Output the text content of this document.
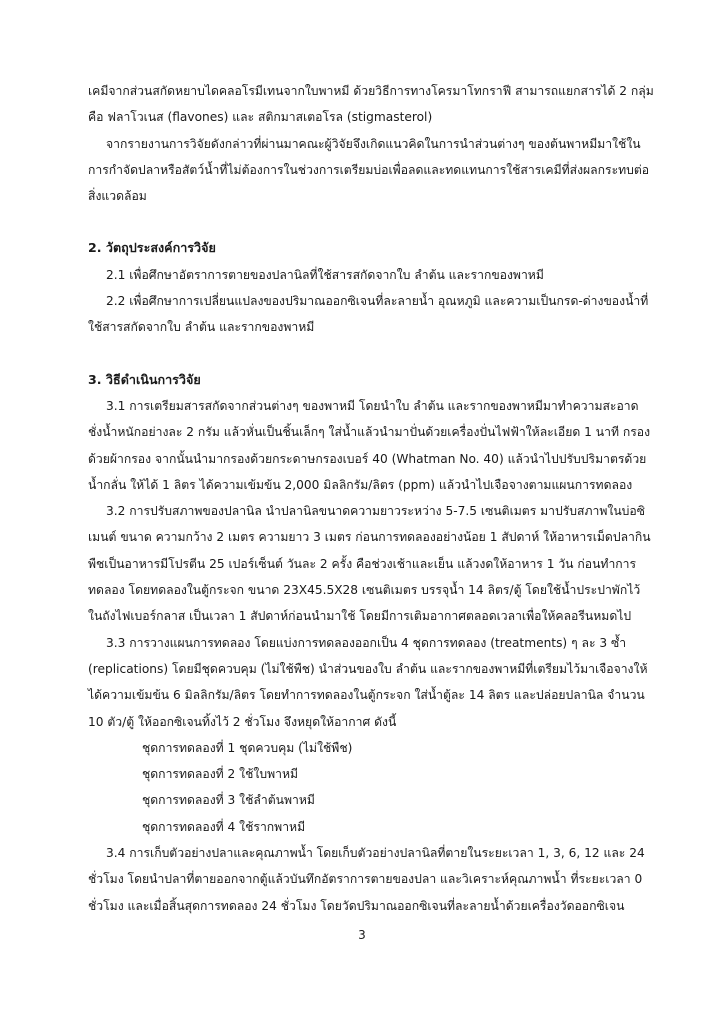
เคมีจากส่วนสกัดหยาบไดคลอโรมีเทนจากใบพาหมี ด้วยวิธีการทางโครมาโทกราฟี สามารถแยกสารได้ 2 กลุ่ม คือ ฟลาโวเนส (flavones) และ สติกมาสเตอโรล (stigmasterol)

จากรายงานการวิจัยดังกล่าวที่ผ่านมาคณะผู้วิจัยจึงเกิดแนวคิดในการนำส่วนต่างๆ ของต้นพาหมีมาใช้ในการกำจัดปลาหรือสัตว์น้ำที่ไม่ต้องการในช่วงการเตรียมบ่อเพื่อลดและทดแทนการใช้สารเคมีที่ส่งผลกระทบต่อสิ่งแวดล้อม

2. วัตถุประสงค์การวิจัย

2.1 เพื่อศึกษาอัตราการตายของปลานิลที่ใช้สารสกัดจากใบ ลำต้น และรากของพาหมี

2.2 เพื่อศึกษาการเปลี่ยนแปลงของปริมาณออกซิเจนที่ละลายน้ำ อุณหภูมิ และความเป็นกรด-ด่างของน้ำที่ใช้สารสกัดจากใบ ลำต้น และรากของพาหมี

3. วิธีดำเนินการวิจัย

3.1 การเตรียมสารสกัดจากส่วนต่างๆ ของพาหมี โดยนำใบ ลำต้น และรากของพาหมีมาทำความสะอาด ชั่งน้ำหนักอย่างละ 2 กรัม แล้วหั่นเป็นชิ้นเล็กๆ ใส่น้ำแล้วนำมาปั่นด้วยเครื่องปั่นไฟฟ้าให้ละเอียด 1 นาที กรองด้วยผ้ากรอง จากนั้นนำมากรองด้วยกระดาษกรองเบอร์ 40 (Whatman No. 40) แล้วนำไปปรับปริมาตรด้วยน้ำกลั่น ให้ได้ 1 ลิตร ได้ความเข้มข้น 2,000 มิลลิกรัม/ลิตร (ppm) แล้วนำไปเจือจางตามแผนการทดลอง

3.2 การปรับสภาพของปลานิล นำปลานิลขนาดความยาวระหว่าง 5-7.5 เซนติเมตร มาปรับสภาพในบ่อซิเมนต์ ขนาด ความกว้าง 2 เมตร ความยาว 3 เมตร ก่อนการทดลองอย่างน้อย 1 สัปดาห์ ให้อาหารเม็ดปลากินพืชเป็นอาหารมีโปรตีน 25 เปอร์เซ็นต์ วันละ 2 ครั้ง คือช่วงเช้าและเย็น แล้วงดให้อาหาร 1 วัน ก่อนทำการทดลอง โดยทดลองในตู้กระจก ขนาด 23X45.5X28 เซนติเมตร บรรจุน้ำ 14 ลิตร/ตู้ โดยใช้น้ำประปาพักไว้ในถังไฟเบอร์กลาส เป็นเวลา 1 สัปดาห์ก่อนนำมาใช้ โดยมีการเติมอากาศตลอดเวลาเพื่อให้คลอรีนหมดไป

3.3 การวางแผนการทดลอง โดยแบ่งการทดลองออกเป็น 4 ชุดการทดลอง (treatments) ๆ ละ 3 ซ้ำ (replications) โดยมีชุดควบคุม (ไม่ใช้พืช) นำส่วนของใบ ลำต้น และรากของพาหมีที่เตรียมไว้มาเจือจางให้ได้ความเข้มข้น 6 มิลลิกรัม/ลิตร โดยทำการทดลองในตู้กระจก ใส่น้ำตู้ละ 14 ลิตร และปล่อยปลานิล จำนวน 10 ตัว/ตู้ ให้ออกซิเจนทิ้งไว้ 2 ชั่วโมง จึงหยุดให้อากาศ ดังนี้

ชุดการทดลองที่ 1 ชุดควบคุม (ไม่ใช้พืช)

ชุดการทดลองที่ 2 ใช้ใบพาหมี

ชุดการทดลองที่ 3 ใช้ลำต้นพาหมี

ชุดการทดลองที่ 4 ใช้รากพาหมี

3.4 การเก็บตัวอย่างปลาและคุณภาพน้ำ โดยเก็บตัวอย่างปลานิลที่ตายในระยะเวลา 1, 3, 6, 12 และ 24 ชั่วโมง โดยนำปลาที่ตายออกจากตู้แล้วบันทึกอัตราการตายของปลา และวิเคราะห์คุณภาพน้ำ ที่ระยะเวลา 0 ชั่วโมง และเมื่อสิ้นสุดการทดลอง 24 ชั่วโมง โดยวัดปริมาณออกซิเจนที่ละลายน้ำด้วยเครื่องวัดออกซิเจน

3
